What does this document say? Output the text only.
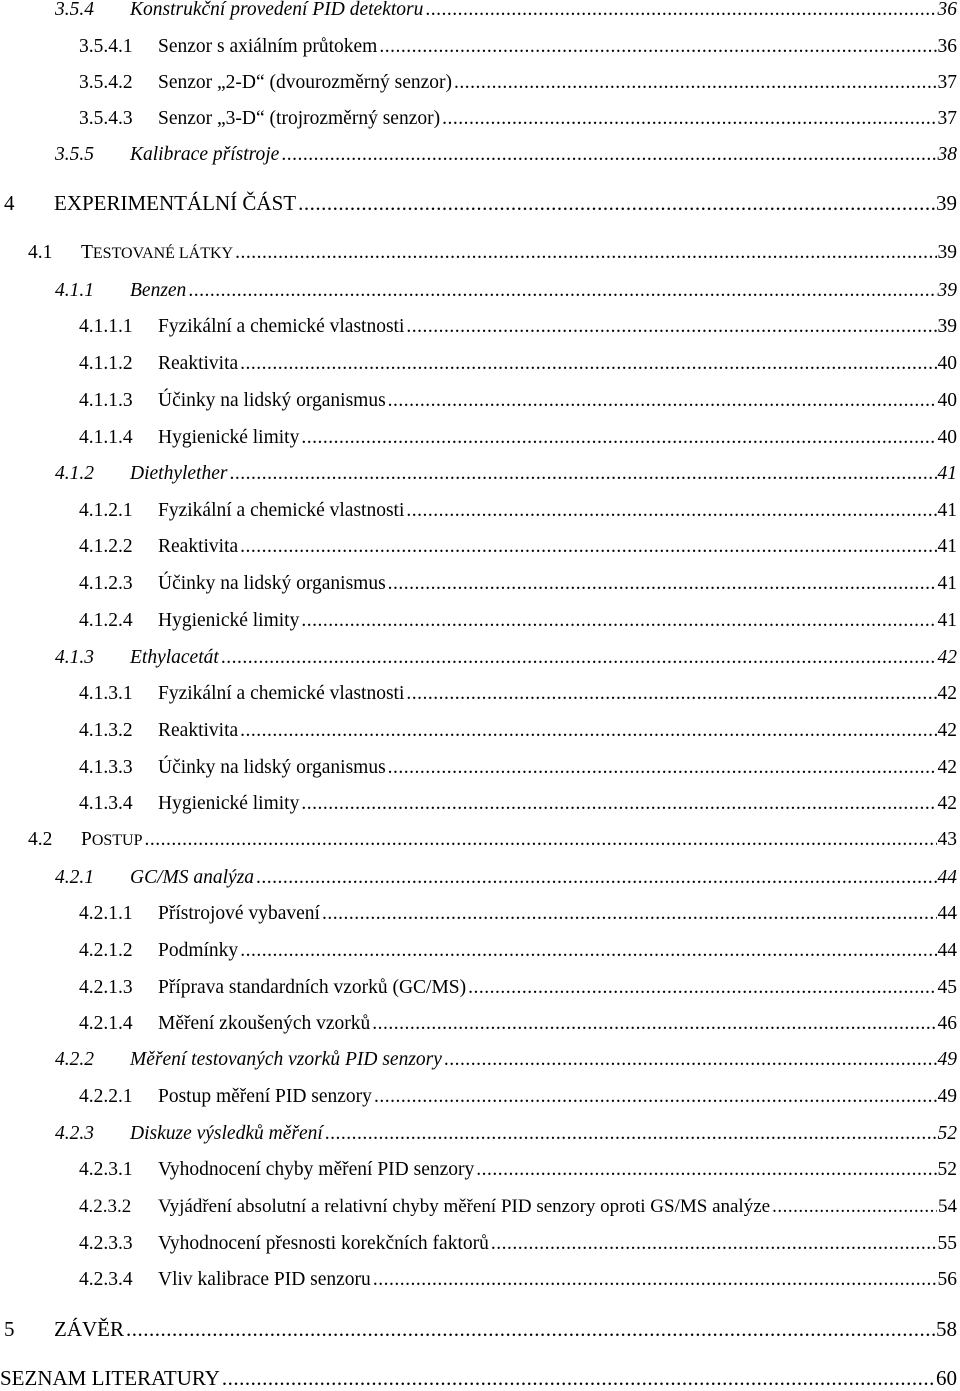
3.5.4	Konstrukční provedení PID detektoru .....	36
3.5.4.1	Senzor s axiálním průtokem .....	36
3.5.4.2	Senzor „2-D“ (dvourozměrný senzor) .....	37
3.5.4.3	Senzor „3-D“ (trojrozměrný senzor) .....	37
3.5.5	Kalibrace přístroje .....	38
4	EXPERIMENTÁLNÍ ČÁST .....	39
4.1	TESTOVANÉ LÁTKY .....	39
4.1.1	Benzen .....	39
4.1.1.1	Fyzikální a chemické vlastnosti .....	39
4.1.1.2	Reaktivita .....	40
4.1.1.3	Účinky na lidský organismus .....	40
4.1.1.4	Hygienické limity .....	40
4.1.2	Diethylether .....	41
4.1.2.1	Fyzikální a chemické vlastnosti .....	41
4.1.2.2	Reaktivita .....	41
4.1.2.3	Účinky na lidský organismus .....	41
4.1.2.4	Hygienické limity .....	41
4.1.3	Ethylacetát .....	42
4.1.3.1	Fyzikální a chemické vlastnosti .....	42
4.1.3.2	Reaktivita .....	42
4.1.3.3	Účinky na lidský organismus .....	42
4.1.3.4	Hygienické limity .....	42
4.2	POSTUP .....	43
4.2.1	GC/MS analýza .....	44
4.2.1.1	Přístrojové vybavení .....	44
4.2.1.2	Podmínky .....	44
4.2.1.3	Příprava standardních vzorků (GC/MS) .....	45
4.2.1.4	Měření zkoušených vzorků .....	46
4.2.2	Měření testovaných vzorků PID senzory .....	49
4.2.2.1	Postup měření PID senzory .....	49
4.2.3	Diskuze výsledků měření .....	52
4.2.3.1	Vyhodnocení chyby měření PID senzory .....	52
4.2.3.2	Vyjádření absolutní a relativní chyby měření PID senzory oproti GS/MS analýze .....	54
4.2.3.3	Vyhodnocení přesnosti korekčních faktorů .....	55
4.2.3.4	Vliv kalibrace PID senzoru .....	56
5	ZÁVĚR .....	58
SEZNAM LITERATURY .....	60
